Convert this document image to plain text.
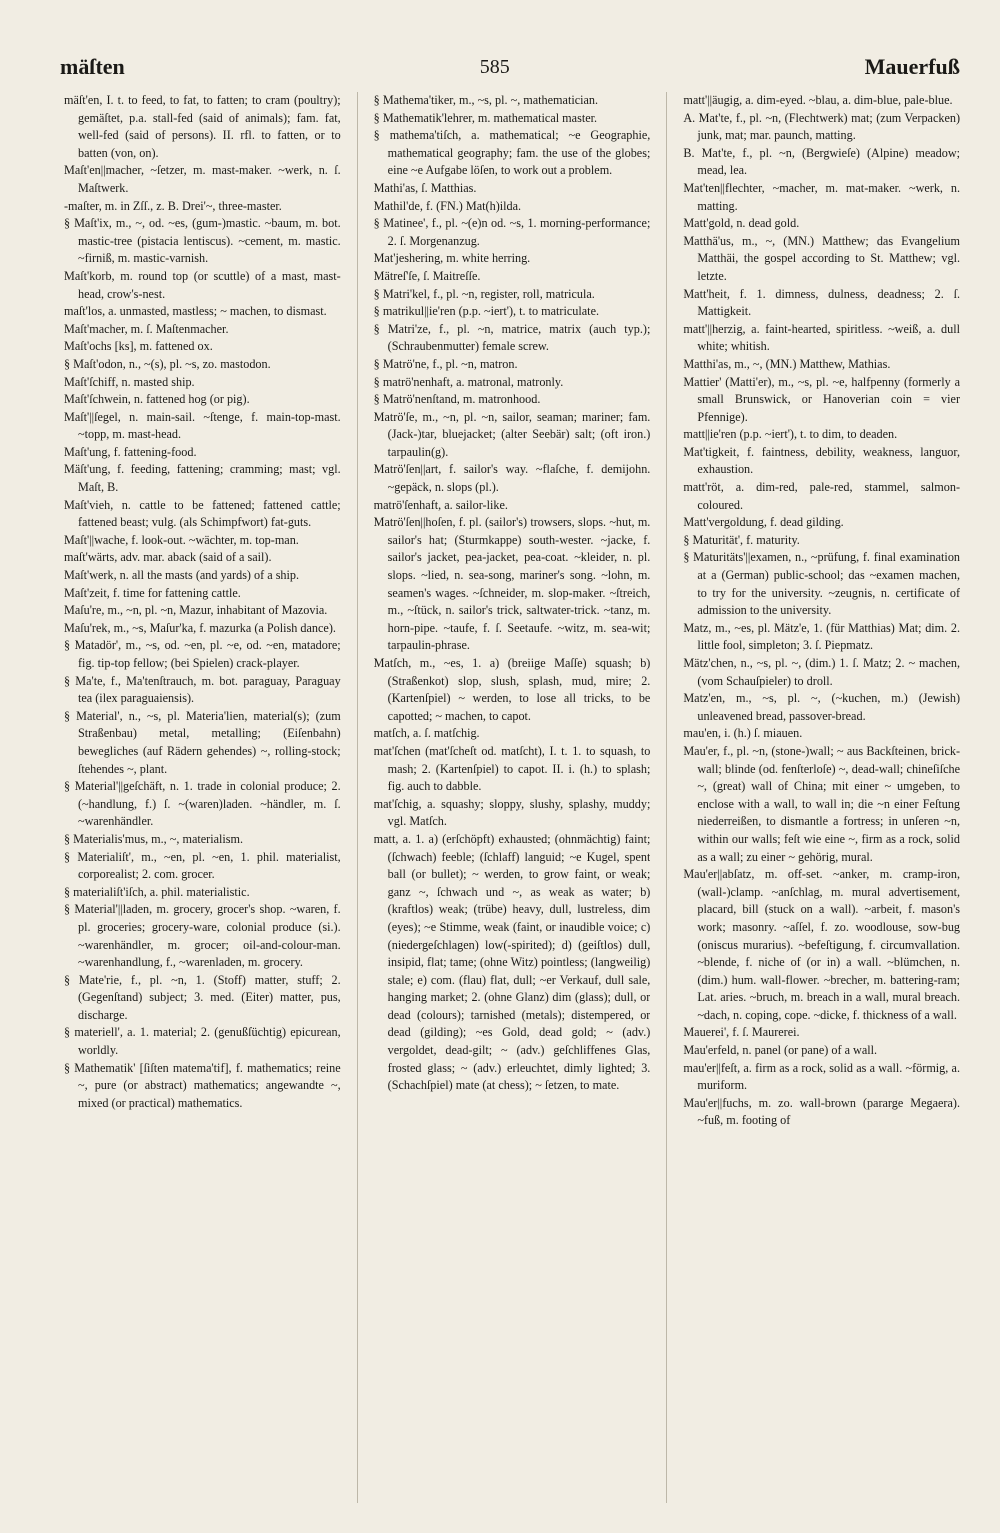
mäſten	585	Mauerfuß

mäſt'en, I. t. to feed, to fat, to fatten; to cram (poultry); gemäſtet, p.a. stall-fed (said of animals); fam. fat, well-fed (said of persons). II. rfl. to fatten, or to batten (von, on).

Maſt'en||macher, ~ſetzer, m. mast-maker. ~werk, n. ſ. Maſtwerk.

-maſter, m. in Zſſ., z. B. Drei'~, three-master.

§ Maſt'ix, m., ~, od. ~es, (gum-)mastic. ~baum, m. bot. mastic-tree (pistacia lentiscus). ~cement, m. mastic. ~firniß, m. mastic-varnish.

Maſt'korb, m. round top (or scuttle) of a mast, mast-head, crow's-nest.

maſt'los, a. unmasted, mastless; ~ machen, to dismast.

Maſt'macher, m. ſ. Maſtenmacher.

Maſt'ochs [ks], m. fattened ox.

§ Maſt'odon, n., ~(s), pl. ~s, zo. mastodon.

Maſt'ſchiff, n. masted ship.

Maſt'ſchwein, n. fattened hog (or pig).

Maſt'||ſegel, n. main-sail. ~ſtenge, f. main-top-mast. ~topp, m. mast-head.

Maſt'ung, f. fattening-food.

Mäſt'ung, f. feeding, fattening; cramming; mast; vgl. Maſt, B.

Maſt'vieh, n. cattle to be fattened; fattened cattle; fattened beast; vulg. (als Schimpfwort) fat-guts.

Maſt'||wache, f. look-out. ~wächter, m. top-man.

maſt'wärts, adv. mar. aback (said of a sail).

Maſt'werk, n. all the masts (and yards) of a ship.

Maſt'zeit, f. time for fattening cattle.

Maſu're, m., ~n, pl. ~n, Mazur, inhabitant of Mazovia.

Maſu'rek, m., ~s, Maſur'ka, f. mazurka (a Polish dance).

§ Matadör', m., ~s, od. ~en, pl. ~e, od. ~en, matadore; fig. tip-top fellow; (bei Spielen) crack-player.

§ Ma'te, f., Ma'tenſtrauch, m. bot. paraguay, Paraguay tea (ilex paraguaiensis).

§ Material', n., ~s, pl. Materia'lien, material(s); (zum Straßenbau) metal, metalling; (Eiſenbahn) bewegliches (auf Rädern gehendes) ~, rolling-stock; ſtehendes ~, plant.

§ Material'||geſchäft, n. 1. trade in colonial produce; 2. (~handlung, f.) ſ. ~(waren)laden. ~händler, m. ſ. ~warenhändler.

§ Materialis'mus, m., ~, materialism.

§ Materialiſt', m., ~en, pl. ~en, 1. phil. materialist, corporealist; 2. com. grocer.

§ materialiſt'iſch, a. phil. materialistic.

§ Material'||laden, m. grocery, grocer's shop. ~waren, f. pl. groceries; grocery-ware, colonial produce (si.). ~warenhändler, m. grocer; oil-and-colour-man. ~warenhandlung, f., ~warenladen, m. grocery.

§ Mate'rie, f., pl. ~n, 1. (Stoff) matter, stuff; 2. (Gegenſtand) subject; 3. med. (Eiter) matter, pus, discharge.

§ materiell', a. 1. material; 2. (genußſüchtig) epicurean, worldly.

§ Mathematik' [ſiſten matema'tif], f. mathematics; reine ~, pure (or abstract) mathematics; angewandte ~, mixed (or practical) mathematics.

§ Mathema'tiker, m., ~s, pl. ~, mathematician.

§ Mathematik'lehrer, m. mathematical master.

§ mathema'tiſch, a. mathematical; ~e Geographie, mathematical geography; fam. the use of the globes; eine ~e Aufgabe löſen, to work out a problem.

Mathi'as, ſ. Matthias.

Mathil'de, f. (FN.) Mat(h)ilda.

§ Matinee', f., pl. ~(e)n od. ~s, 1. morning-performance; 2. ſ. Morgenanzug.

Mat'jeshering, m. white herring.

Mätreſ'ſe, ſ. Maitreſſe.

§ Matri'kel, f., pl. ~n, register, roll, matricula.

§ matrikul||ie'ren (p.p. ~iert'), t. to matriculate.

§ Matri'ze, f., pl. ~n, matrice, matrix (auch typ.); (Schraubenmutter) female screw.

§ Matrö'ne, f., pl. ~n, matron.

§ matrö'nenhaft, a. matronal, matronly.

§ Matrö'nenſtand, m. matronhood.

Matrö'ſe, m., ~n, pl. ~n, sailor, seaman; mariner; fam. (Jack-)tar, bluejacket; (alter Seebär) salt; (oft iron.) tarpaulin(g).

Matrö'ſen||art, f. sailor's way. ~flaſche, f. demijohn. ~gepäck, n. slops (pl.).

matrö'ſenhaft, a. sailor-like.

Matrö'ſen||hoſen, f. pl. (sailor's) trowsers, slops. ~hut, m. sailor's hat; (Sturmkappe) south-wester. ~jacke, f. sailor's jacket, pea-jacket, pea-coat. ~kleider, n. pl. slops. ~lied, n. sea-song, mariner's song. ~lohn, m. seamen's wages. ~ſchneider, m. slop-maker. ~ſtreich, m., ~ſtück, n. sailor's trick, saltwater-trick. ~tanz, m. horn-pipe. ~taufe, f. ſ. Seetaufe. ~witz, m. sea-wit; tarpaulin-phrase.

Matſch, m., ~es, 1. a) (breiige Maſſe) squash; b) (Straßenkot) slop, slush, splash, mud, mire; 2. (Kartenſpiel) ~ werden, to lose all tricks, to be capotted; ~ machen, to capot.

matſch, a. ſ. matſchig.

mat'ſchen (mat'ſcheſt od. matſcht), I. t. 1. to squash, to mash; 2. (Kartenſpiel) to capot. II. i. (h.) to splash; fig. auch to dabble.

mat'ſchig, a. squashy; sloppy, slushy, splashy, muddy; vgl. Matſch.

matt, a. 1. a) (erſchöpft) exhausted; (ohnmächtig) faint; (ſchwach) feeble; (ſchlaff) languid; ~e Kugel, spent ball (or bullet); ~ werden, to grow faint, or weak; ganz ~, ſchwach und ~, as weak as water; b) (kraftlos) weak; (trübe) heavy, dull, lustreless, dim (eyes); ~e Stimme, weak (faint, or inaudible voice; c) (niedergeſchlagen) low(-spirited); d) (geiſtlos) dull, insipid, flat; tame; (ohne Witz) pointless; (langweilig) stale; e) com. (flau) flat, dull; ~er Verkauf, dull sale, hanging market; 2. (ohne Glanz) dim (glass); dull, or dead (colours); tarnished (metals); distempered, or dead (gilding); ~es Gold, dead gold; ~ (adv.) vergoldet, dead-gilt; ~ (adv.) geſchliffenes Glas, frosted glass; ~ (adv.) erleuchtet, dimly lighted; 3. (Schachſpiel) mate (at chess); ~ ſetzen, to mate.

matt'||äugig, a. dim-eyed. ~blau, a. dim-blue, pale-blue.

A. Mat'te, f., pl. ~n, (Flechtwerk) mat; (zum Verpacken) junk, mat; mar. paunch, matting.

B. Mat'te, f., pl. ~n, (Bergwieſe) (Alpine) meadow; mead, lea.

Mat'ten||flechter, ~macher, m. mat-maker. ~werk, n. matting.

Matt'gold, n. dead gold.

Matthä'us, m., ~, (MN.) Matthew; das Evangelium Matthäi, the gospel according to St. Matthew; vgl. letzte.

Matt'heit, f. 1. dimness, dulness, deadness; 2. ſ. Mattigkeit.

matt'||herzig, a. faint-hearted, spiritless. ~weiß, a. dull white; whitish.

Matthi'as, m., ~, (MN.) Matthew, Mathias.

Mattier' (Matti'er), m., ~s, pl. ~e, halfpenny (formerly a small Brunswick, or Hanoverian coin = vier Pfennige).

matt||ie'ren (p.p. ~iert'), t. to dim, to deaden.

Mat'tigkeit, f. faintness, debility, weakness, languor, exhaustion.

matt'röt, a. dim-red, pale-red, stammel, salmon-coloured.

Matt'vergoldung, f. dead gilding.

§ Maturität', f. maturity.

§ Maturitäts'||examen, n., ~prüfung, f. final examination at a (German) public-school; das ~examen machen, to try for the university. ~zeugnis, n. certificate of admission to the university.

Matz, m., ~es, pl. Mätz'e, 1. (für Matthias) Mat; dim. 2. little fool, simpleton; 3. ſ. Piepmatz.

Mätz'chen, n., ~s, pl. ~, (dim.) 1. ſ. Matz; 2. ~ machen, (vom Schauſpieler) to droll.

Matz'en, m., ~s, pl. ~, (~kuchen, m.) (Jewish) unleavened bread, passover-bread.

mau'en, i. (h.) ſ. miauen.

Mau'er, f., pl. ~n, (stone-)wall; ~ aus Backſteinen, brick-wall; blinde (od. fenſterloſe) ~, dead-wall; chineſiſche ~, (great) wall of China; mit einer ~ umgeben, to enclose with a wall, to wall in; die ~n einer Feſtung niederreißen, to dismantle a fortress; in unſeren ~n, within our walls; feſt wie eine ~, firm as a rock, solid as a wall; zu einer ~ gehörig, mural.

Mau'er||abſatz, m. off-set. ~anker, m. cramp-iron, (wall-)clamp. ~anſchlag, m. mural advertisement, placard, bill (stuck on a wall). ~arbeit, f. mason's work; masonry. ~aſſel, f. zo. woodlouse, sow-bug (oniscus murarius). ~befeſtigung, f. circumvallation. ~blende, f. niche of (or in) a wall. ~blümchen, n. (dim.) hum. wall-flower. ~brecher, m. battering-ram; Lat. aries. ~bruch, m. breach in a wall, mural breach. ~dach, n. coping, cope. ~dicke, f. thickness of a wall.

Mauerei', f. ſ. Maurerei.

Mau'erfeld, n. panel (or pane) of a wall.

mau'er||feſt, a. firm as a rock, solid as a wall. ~förmig, a. muriform.

Mau'er||fuchs, m. zo. wall-brown (pararge Megaera). ~fuß, m. footing of
